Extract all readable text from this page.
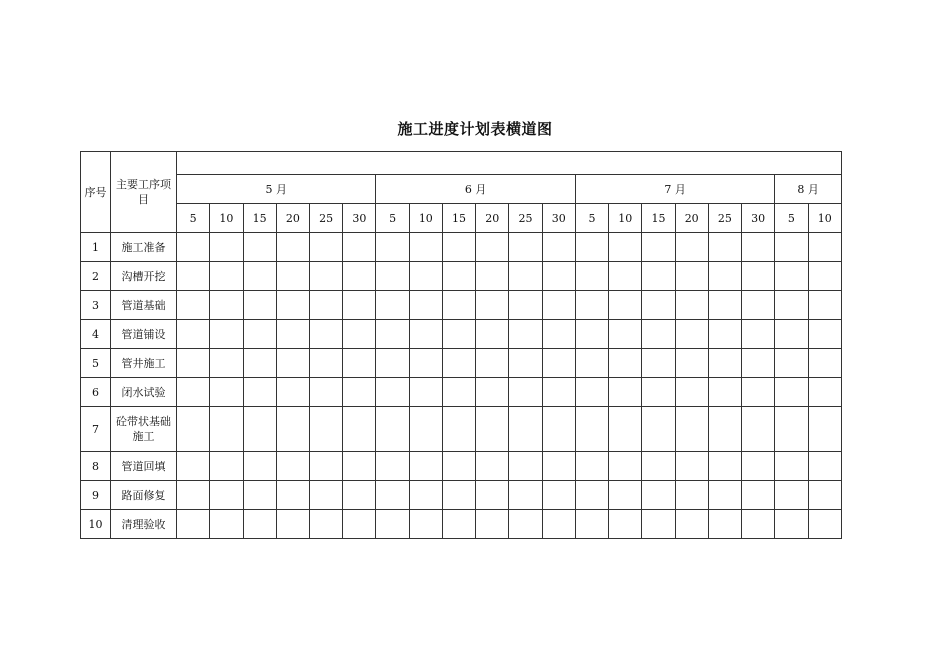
施工进度计划表横道图
序号	主要工序项目																				
		5 月						6 月						7 月						8 月	
		5	10	15	20	25	30	5	10	15	20	25	30	5	10	15	20	25	30	5	10
1	施工准备																				
2	沟槽开挖																				
3	管道基础																				
4	管道铺设																				
5	管井施工																				
6	闭水试验																				
7	砼带状基础施工																				
8	管道回填																				
9	路面修复																				
10	清理验收																				
